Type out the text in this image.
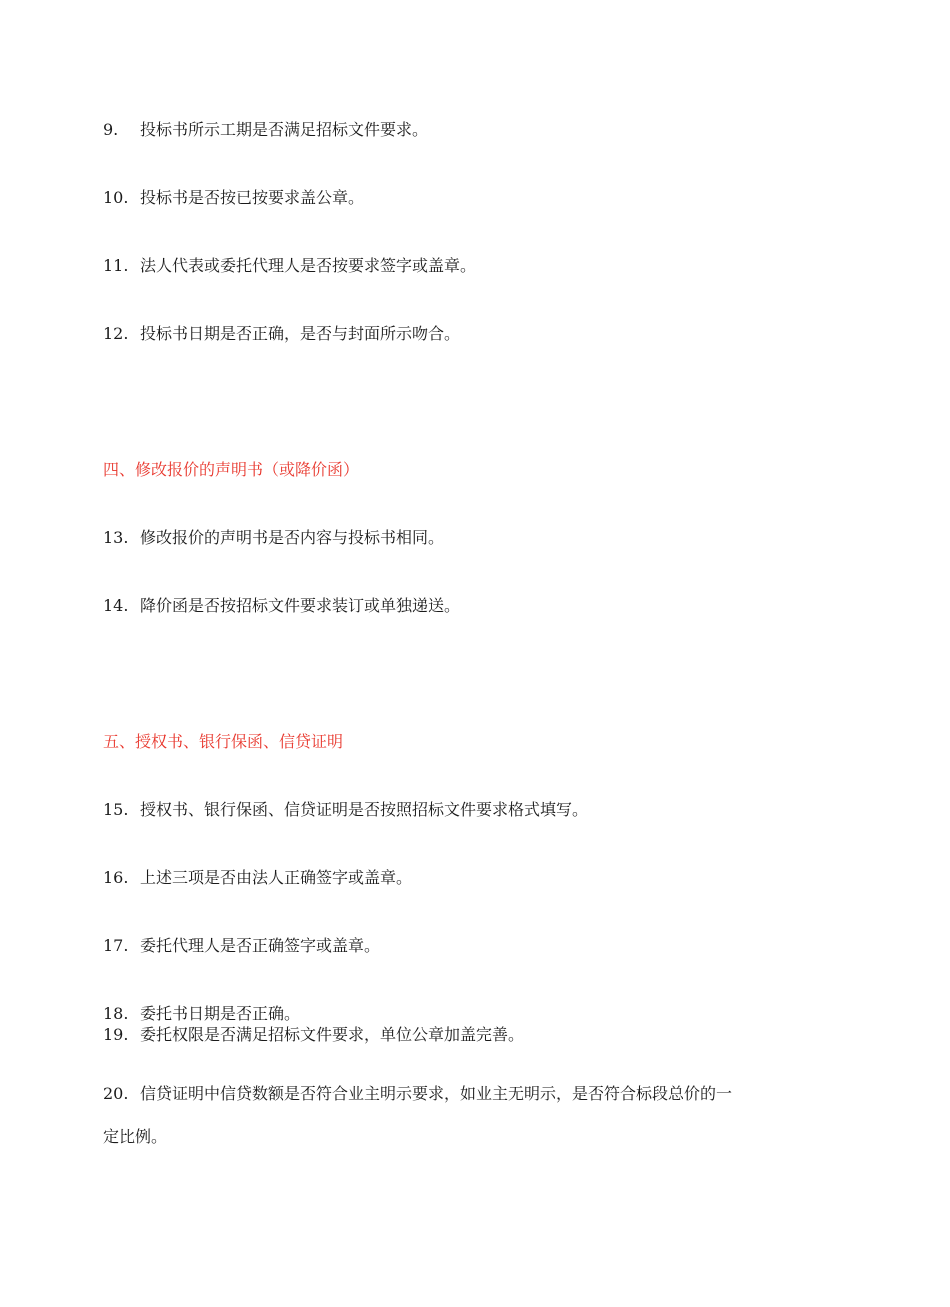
9. 投标书所示工期是否满足招标文件要求。
10. 投标书是否按已按要求盖公章。
11. 法人代表或委托代理人是否按要求签字或盖章。
12. 投标书日期是否正确，是否与封面所示吻合。
四、修改报价的声明书（或降价函）
13. 修改报价的声明书是否内容与投标书相同。
14. 降价函是否按招标文件要求装订或单独递送。
五、授权书、银行保函、信贷证明
15. 授权书、银行保函、信贷证明是否按照招标文件要求格式填写。
16. 上述三项是否由法人正确签字或盖章。
17. 委托代理人是否正确签字或盖章。
18. 委托书日期是否正确。
19. 委托权限是否满足招标文件要求，单位公章加盖完善。
20. 信贷证明中信贷数额是否符合业主明示要求，如业主无明示，是否符合标段总价的一
定比例。
